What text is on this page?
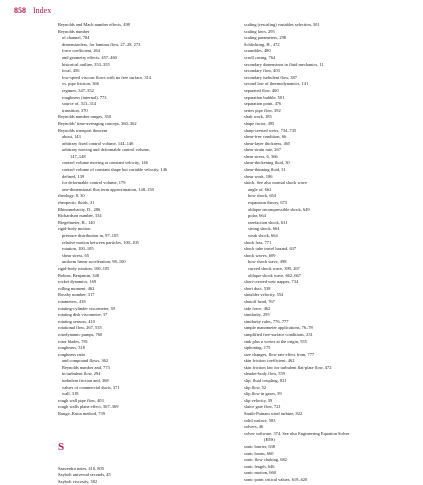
858 Index
Reynolds and Mach number effects, 498
Reynolds number
of channel, 704
dimensionless, for laminar flow, 27–28, 273
force coefficient, 264
and geometry effects, 457–460
historical outline, 353–355
local, 456
low-speed viscous flows with no free surface, 314
vs. pipe friction, 366
regimes, 347–352
roughness (internal), 773
source of, 313–314
transition, 370
Reynolds number ranges, 350
Reynolds’ time-averaging concept, 360–362
Reynolds transport theorem
about, 143
arbitrary fixed control volume, 144–146
arbitrary moving and deformable control volume,
147–148
control volume moving at constant velocity, 146
control volume of constant shape but variable velocity, 146
defined, 139
for deformable control volume, 179
one-dimensional flux term approximation, 148–150
rheology, 8, 30
rheopectic fluids, 31
Rhinomebacity, D., 286
Richardson number, 334
Riegelmeier, R., 140
rigid-body motion
pressure distribution in, 97–105
relative motion between particles, 100–105
rotation, 100–105
shear stress, 65
uniform linear acceleration, 98–100
rigid-body rotation, 100–105
Robins, Benjamin, 348
rocket dynamics, 169
rolling moment, 462
Rossby number, 317
rotameters, 418
rotating-cylinder viscometer, 39
rotating disk viscometer, 37
rotating sensors, 410
rotational flow, 267, 535
rotodynamic pumps, 760
rotor blades, 781
roughness, 318
roughness ratio
and compound flows, 362
Reynolds number and, 773
in turbulent flow, 294
turbulent friction and, 368
values of commercial ducts, 371
wall, 318
rough wall pipe flow, 403
rough walls plane effect, 367–369
Runge–Kutta method, 739
S
Saaverdra notes, 410, 805
Saybolt universal seconds, 45
Saybolt viscosity, 382
scaling (rescaling) variables selection, 301
scaling laws, 295
scaling parameters, 298
Schlichting, H., 472
scrambles, 480
scroll casing, 764
secondary dimensions in fluid mechanics, 11
secondary flow, 403
secondary turbulent flow, 387
second law of thermodynamics, 141
separated flow, 460
separation bubble, 501
separation point, 476
series pipe flow, 392
shaft work, 185
shape factor, 495
sharp-crested weirs, 734–735
shear-free condition, 66
shear-layer thickness, 465
shear strain rate, 267
shear stress, 6, 366
shear-thickening fluid, 30
shear-thinning fluid, 31
shear work, 186
shock. See also normal shock wave
angle of, 662
bow shock, 654
expansion theory, 673
oblique incompressible shock, 649
polar, 664
rarefaction shock, 631
strong shock, 664
weak shock, 664
shock loss, 771
shock tube travel hazard, 637
shock waves, 609
bow shock wave, 498
curved shock wave, 399, 267
oblique shock wave, 662–667
short-crested weir nappes, 734
short duct, 538
shoulder velocity, 554
shutoff head, 767
side force, 462
similarity, 295
similarity rules, 776–777
simple manometer applications, 76–78
simplified free-surface conditions, 231
sink plus a vortex at the origin, 555
siphoning, 175
size changes, flow rate effect from, 777
skin friction coefficient, 462
skin friction law for turbulent flat-plate flow, 472
slender-body flow, 559
slip, fluid coupling, 821
slip flow, 52
slip flow in gases, 39
slip velocity, 39
sluice gate flow, 721
Smith-Putnam wind turbine, 822
solid surface, 583
solvers, 46
solver software, 374. See also Engineering Equation Solver
(EES)
sonic barrier, 638
sonic boom, 660
sonic flow choking, 682
sonic length, 646
sonic motion, 660
sonic point critical values, 619–620
